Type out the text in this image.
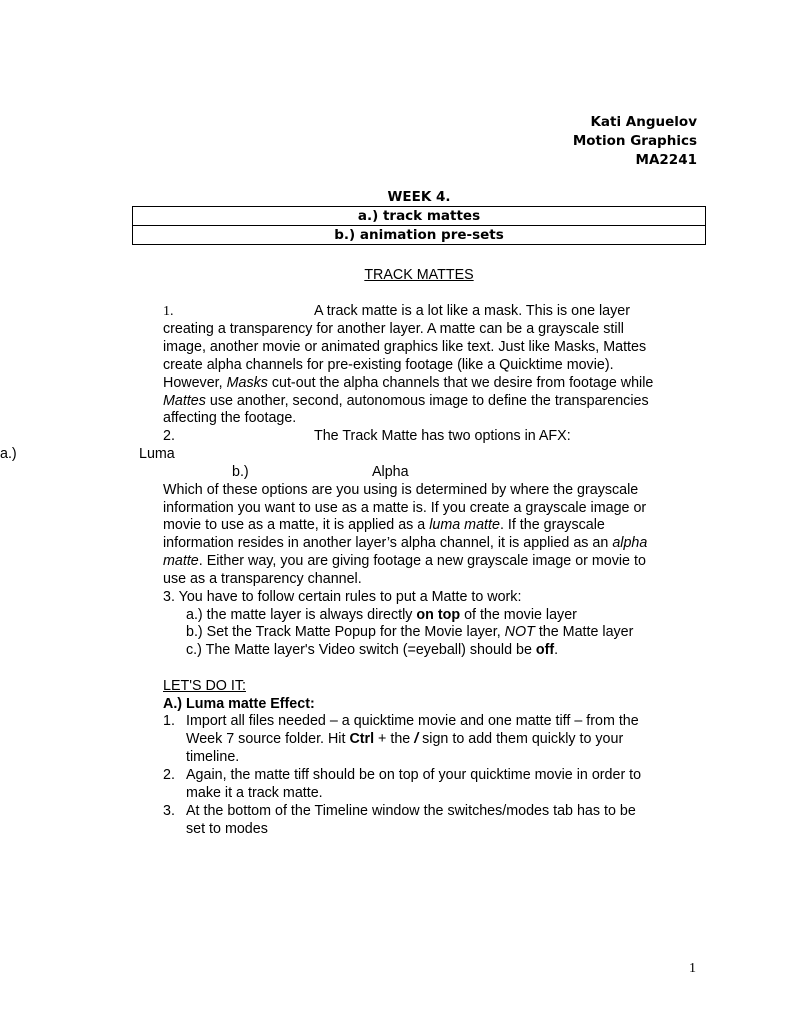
Kati Anguelov
Motion Graphics
MA2241
WEEK 4.
a.) track mattes
b.) animation pre-sets
TRACK MATTES
1.	A track matte is a lot like a mask. This is one layer
creating a transparency for another layer. A matte can be a grayscale still
image, another movie or animated graphics like text. Just like Masks, Mattes
create alpha channels for pre-existing footage (like a Quicktime movie).
However, Masks cut-out the alpha channels that we desire from footage while
Mattes use another, second, autonomous image to define the transparencies
affecting the footage.
2.	The Track Matte has two options in AFX:
a.)	Luma
b.)	Alpha
Which of these options are you using is determined by where the grayscale
information you want to use as a matte is. If you create a grayscale image or
movie to use as a matte, it is applied as a luma matte. If the grayscale
information resides in another layer’s alpha channel, it is applied as an alpha
matte. Either way, you are giving footage a new grayscale image or movie to
use as a transparency channel.
3. You have to follow certain rules to put a Matte to work:
a.) the matte layer is always directly on top of the movie layer
b.) Set the Track Matte Popup for the Movie layer, NOT the Matte layer
c.) The Matte layer's Video switch (=eyeball) should be off.
LET'S DO IT:
A.) Luma matte Effect:
1. Import all files needed – a quicktime movie and one matte tiff – from the
Week 7 source folder. Hit Ctrl + the / sign to add them quickly to your
timeline.
2. Again, the matte tiff should be on top of your quicktime movie in order to
make it a track matte.
3. At the bottom of the Timeline window the switches/modes tab has to be
set to modes
1
